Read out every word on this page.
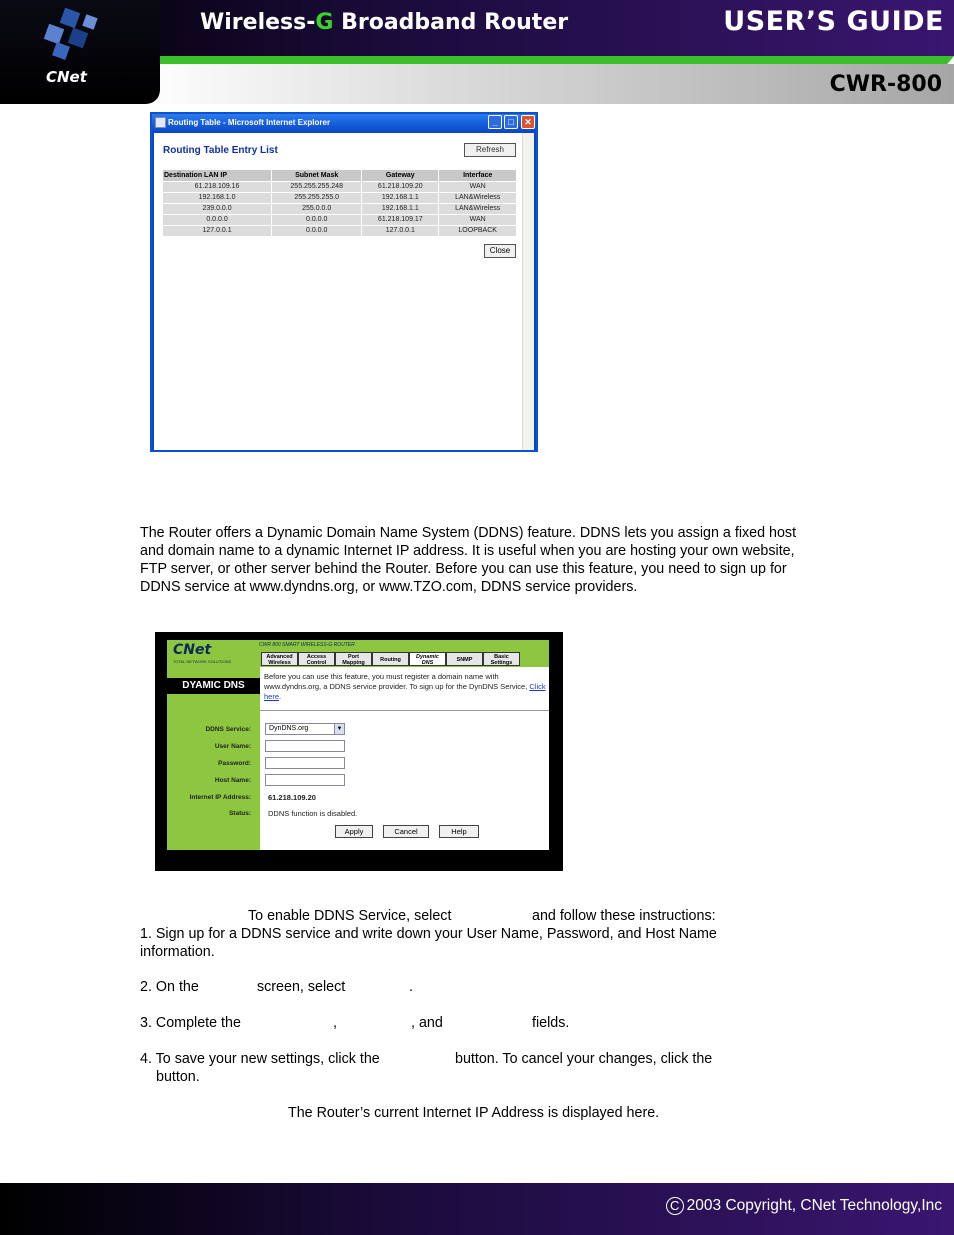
CNet
Wireless-G Broadband Router	USER’S GUIDE
CWR-800
Routing Table - Microsoft Internet Explorer	_	□	✕
Routing Table Entry List	Refresh
Destination LAN IP	Subnet Mask	Gateway	Interface
61.218.109.16	255.255.255.248	61.218.109.20	WAN
192.168.1.0	255.255.255.0	192.168.1.1	LAN&Wireless
239.0.0.0	255.0.0.0	192.168.1.1	LAN&Wireless
0.0.0.0	0.0.0.0	61.218.109.17	WAN
127.0.0.1	0.0.0.0	127.0.0.1	LOOPBACK
Close

The Router offers a Dynamic Domain Name System (DDNS) feature. DDNS lets you assign a fixed host and domain name to a dynamic Internet IP address. It is useful when you are hosting your own website, FTP server, or other server behind the Router. Before you can use this feature, you need to sign up for DDNS service at www.dyndns.org, or www.TZO.com, DDNS service providers.

CNet
TOTAL NETWORK SOLUTIONS
CWR 800 SMART WIRELESS-G ROUTER
Advanced
Wireless
Access
Control
Port
Mapping	Routing	Dynamic
DNS	SNMP	Basic
Settings
DYAMIC DNS
Before you can use this feature, you must register a domain name with www.dyndns.org, a DDNS service provider. To sign up for the DynDNS Service, Click here.
DDNS Service:	DynDNS.org	▼
User Name:
Password:
Host Name:
Internet IP Address: 61.218.109.20
Status: DDNS function is disabled.
Apply	Cancel	Help
To enable DDNS Service, select	and follow these instructions:
1. Sign up for a DDNS service and write down your User Name, Password, and Host Name
information.
2. On the	screen, select	.
3. Complete the	,	, and	fields.
4. To save your new settings, click the	button. To cancel your changes, click the
button.
The Router’s current Internet IP Address is displayed here.
C 2003 Copyright, CNet Technology,Inc
